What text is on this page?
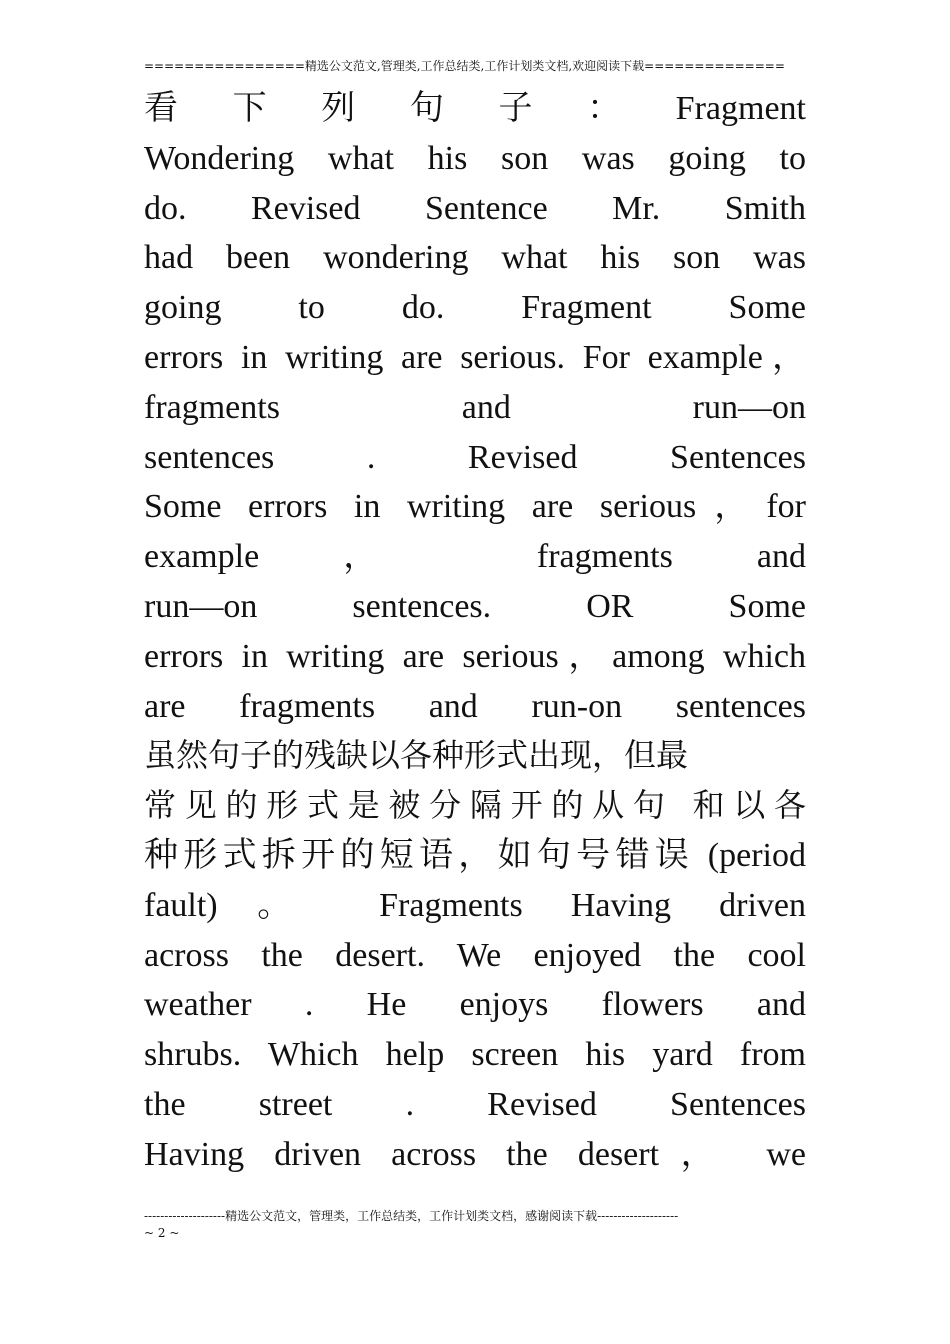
================精选公文范文,管理类,工作总结类,工作计划类文档,欢迎阅读下载==============
看 下 列 句 子 ： Fragment
Wondering what his son was going to
do. Revised Sentence Mr. Smith
had been wondering what his son was
going to do. Fragment Some
errors in writing are serious. For example，
fragments and run—on
sentences . Revised Sentences
Some errors in writing are serious，for
example ， fragments and
run—on sentences. OR Some
errors in writing are serious，among which
are fragments and run-on sentences
虽然句子的残缺以各种形式出现，但最
常见的形式是被分隔开的从句 和以各
种形式拆开的短语，如句号错误 (period
fault)。 Fragments Having driven
across the desert. We enjoyed the cool
weather . He enjoys flowers and
shrubs. Which help screen his yard from
the street . Revised Sentences
Having driven across the desert， we
--------------------精选公文范文，管理类，工作总结类，工作计划类文档，感谢阅读下载--------------------
~ 2 ~
